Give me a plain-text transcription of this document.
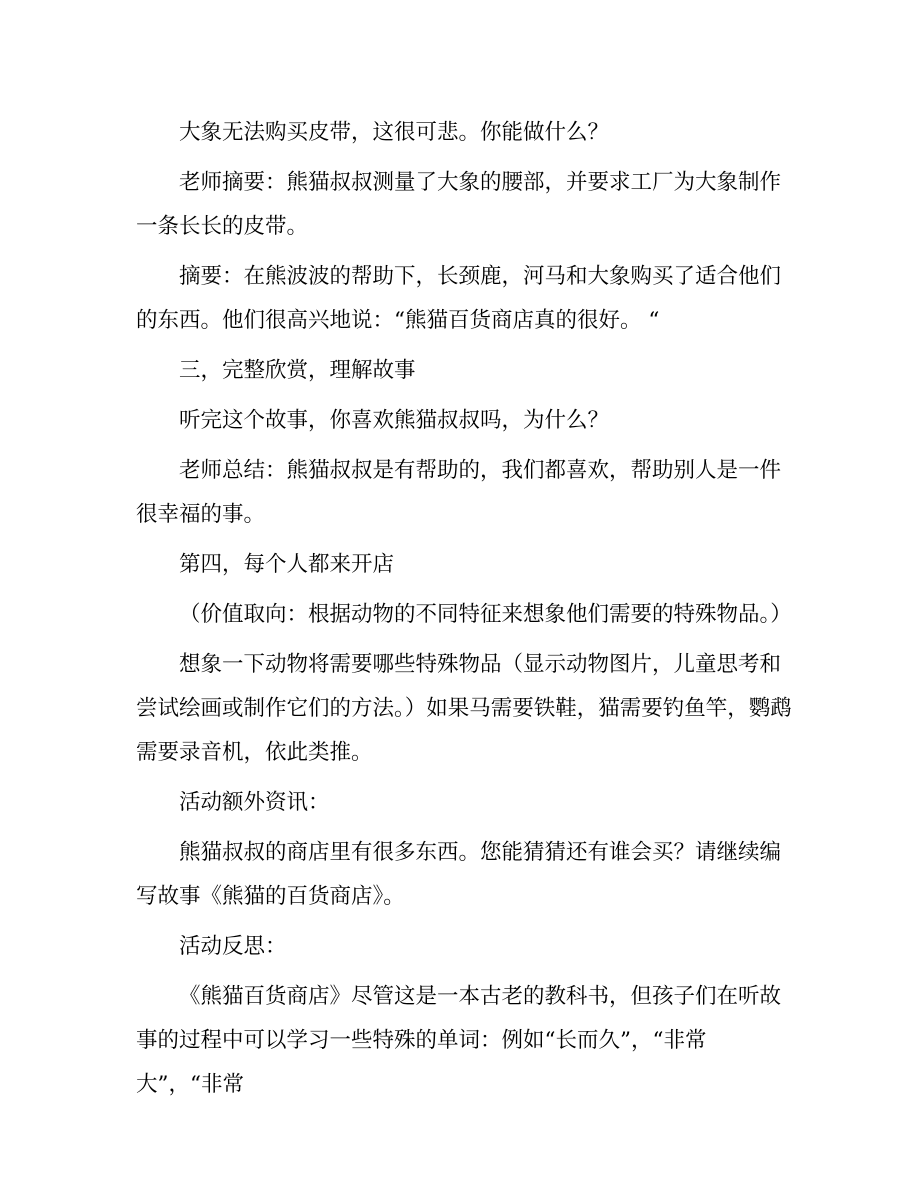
大象无法购买皮带，这很可悲。你能做什么？

老师摘要：熊猫叔叔测量了大象的腰部，并要求工厂为大象制作一条长长的皮带。

摘要：在熊波波的帮助下，长颈鹿，河马和大象购买了适合他们的东西。他们很高兴地说：“熊猫百货商店真的很好。 “

三，完整欣赏，理解故事

听完这个故事，你喜欢熊猫叔叔吗，为什么？

老师总结：熊猫叔叔是有帮助的，我们都喜欢，帮助别人是一件很幸福的事。

第四，每个人都来开店

（价值取向：根据动物的不同特征来想象他们需要的特殊物品。）

想象一下动物将需要哪些特殊物品（显示动物图片，儿童思考和尝试绘画或制作它们的方法。）如果马需要铁鞋，猫需要钓鱼竿，鹦鹉需要录音机，依此类推。

活动额外资讯：

熊猫叔叔的商店里有很多东西。您能猜猜还有谁会买？请继续编写故事《熊猫的百货商店》。

活动反思：

《熊猫百货商店》尽管这是一本古老的教科书，但孩子们在听故事的过程中可以学习一些特殊的单词：例如“长而久”，“非常大”，“非常
